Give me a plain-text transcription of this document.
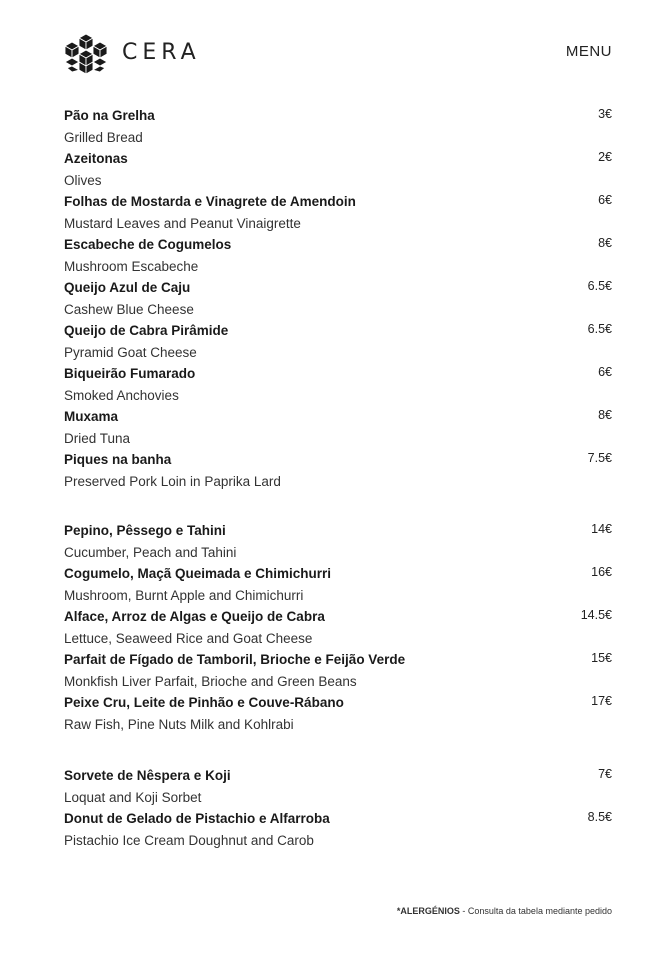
CERA	MENU
Pão na Grelha
Grilled Bread
3€
Azeitonas
Olives
2€
Folhas de Mostarda e Vinagrete de Amendoin
Mustard Leaves and Peanut Vinaigrette
6€
Escabeche de Cogumelos
Mushroom Escabeche
8€
Queijo Azul de Caju
Cashew Blue Cheese
6.5€
Queijo de Cabra Pirâmide
Pyramid Goat Cheese
6.5€
Biqueirão Fumarado
Smoked Anchovies
6€
Muxama
Dried Tuna
8€
Piques na banha
Preserved Pork Loin in Paprika Lard
7.5€
Pepino, Pêssego e Tahini
Cucumber, Peach and Tahini
14€
Cogumelo, Maçã Queimada e Chimichurri
Mushroom, Burnt Apple and Chimichurri
16€
Alface, Arroz de Algas e Queijo de Cabra
Lettuce, Seaweed Rice and Goat Cheese
14.5€
Parfait de Fígado de Tamboril, Brioche e Feijão Verde
Monkfish Liver Parfait, Brioche and Green Beans
15€
Peixe Cru, Leite de Pinhão e Couve-Rábano
Raw Fish, Pine Nuts Milk and Kohlrabi
17€
Sorvete de Nêspera e Koji
Loquat and Koji Sorbet
7€
Donut de Gelado de Pistachio e Alfarroba
Pistachio Ice Cream Doughnut and Carob
8.5€
*ALERGÉNIOS - Consulta da tabela mediante pedido
